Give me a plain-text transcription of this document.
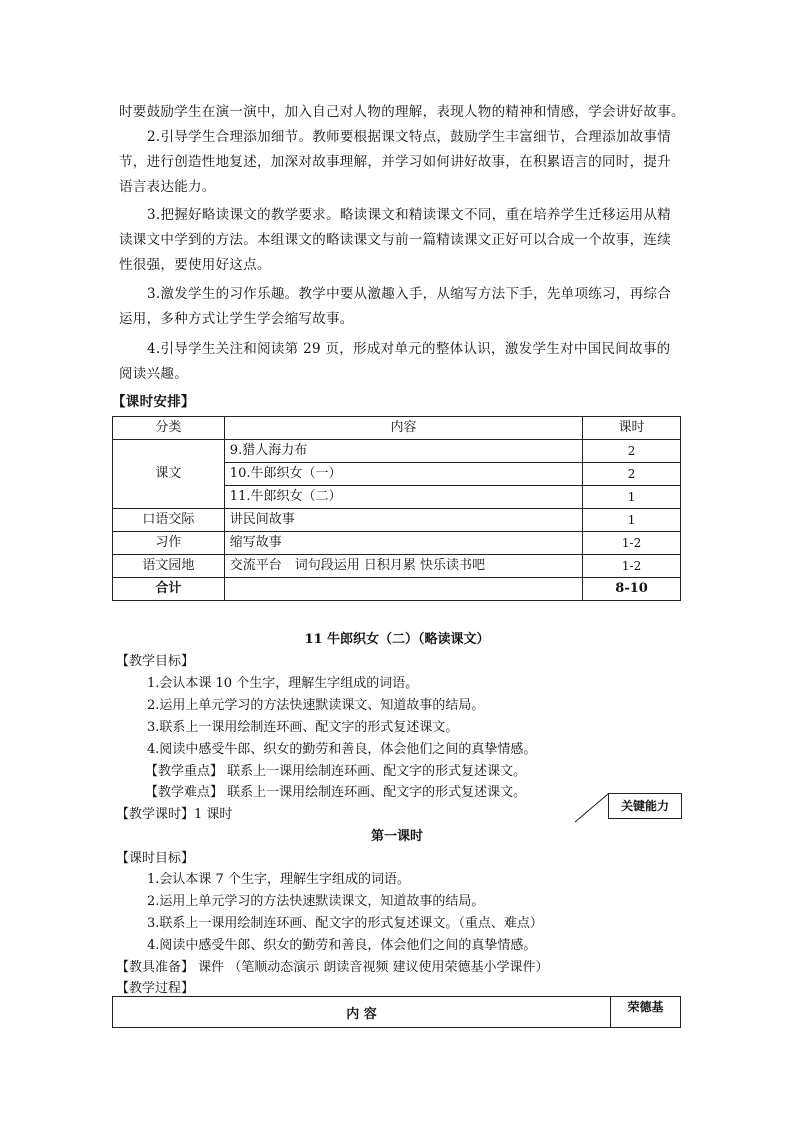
时要鼓励学生在演一演中，加入自己对人物的理解，表现人物的精神和情感，学会讲好故事。
2.引导学生合理添加细节。教师要根据课文特点，鼓励学生丰富细节，合理添加故事情
节，进行创造性地复述，加深对故事理解，并学习如何讲好故事，在积累语言的同时，提升
语言表达能力。
3.把握好略读课文的教学要求。略读课文和精读课文不同，重在培养学生迁移运用从精
读课文中学到的方法。本组课文的略读课文与前一篇精读课文正好可以合成一个故事，连续
性很强，要使用好这点。
3.激发学生的习作乐趣。教学中要从激趣入手，从缩写方法下手，先单项练习，再综合
运用，多种方式让学生学会缩写故事。
4.引导学生关注和阅读第 29 页，形成对单元的整体认识，激发学生对中国民间故事的
阅读兴趣。
【课时安排】
分类	内容	课时
课文	9.猎人海力布	2
	10.牛郎织女（一）	2
	11.牛郎织女（二）	1
口语交际	讲民间故事	1
习作	缩写故事	1-2
语文园地	交流平台　词句段运用 日积月累 快乐读书吧	1-2
合计		8-10
11 牛郎织女（二）（略读课文）
【教学目标】
1.会认本课 10 个生字，理解生字组成的词语。
2.运用上单元学习的方法快速默读课文、知道故事的结局。
3.联系上一课用绘制连环画、配文字的形式复述课文。
4.阅读中感受牛郎、织女的勤劳和善良，体会他们之间的真挚情感。
【教学重点】 联系上一课用绘制连环画、配文字的形式复述课文。
【教学难点】 联系上一课用绘制连环画、配文字的形式复述课文。
【教学课时】1 课时
关键能力
第一课时
【课时目标】
1.会认本课 7 个生字，理解生字组成的词语。
2.运用上单元学习的方法快速默读课文，知道故事的结局。
3.联系上一课用绘制连环画、配文字的形式复述课文。（重点、难点）
4.阅读中感受牛郎、织女的勤劳和善良，体会他们之间的真挚情感。
【教具准备】 课件 （笔顺动态演示 朗读音视频 建议使用荣德基小学课件）
【教学过程】
内 容	荣德基
